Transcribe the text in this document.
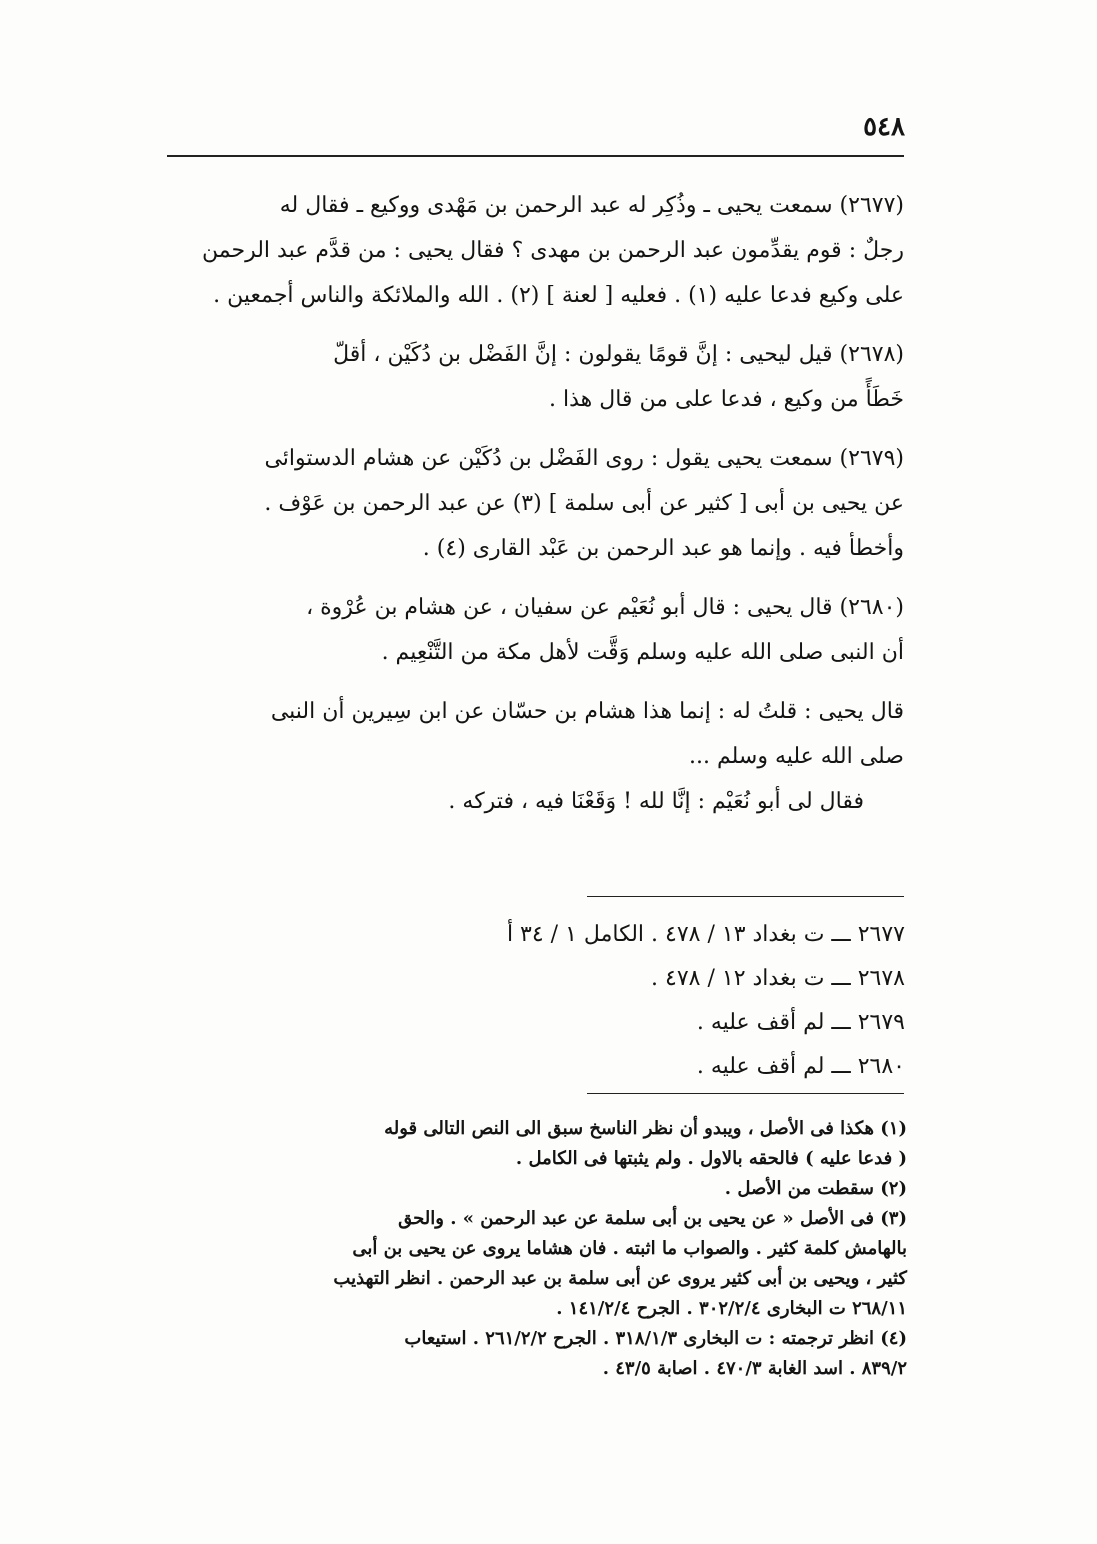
٥٤٨
(٢٦٧٧) سمعت يحيى ـ وذُكِر له عبد الرحمن بن مَهْدى ووكيع ـ فقال له
رجلٌ : قوم يقدِّمون عبد الرحمن بن مهدى ؟ فقال يحيى : من قدَّم عبد الرحمن
على وكيع فدعا عليه (١) . فعليه [ لعنة ] (٢) . الله والملائكة والناس أجمعين .
(٢٦٧٨) قيل ليحيى : إنَّ قومًا يقولون : إنَّ الفَضْل بن دُكَيْن ، أقلّ
خَطَأً من وكيع ، فدعا على من قال هذا .
(٢٦٧٩) سمعت يحيى يقول : روى الفَضْل بن دُكَيْن عن هشام الدستوائى
عن يحيى بن أبى [ كثير عن أبى سلمة ] (٣) عن عبد الرحمن بن عَوْف .
وأخطأ فيه . وإنما هو عبد الرحمن بن عَبْد القارى (٤) .
(٢٦٨٠) قال يحيى : قال أبو نُعَيْم عن سفيان ، عن هشام بن عُرْوة ،
أن النبى صلى الله عليه وسلم وَقَّت لأهل مكة من التَّنْعِيم .
قال يحيى : قلتُ له : إنما هذا هشام بن حسّان عن ابن سِيرين أن النبى
صلى الله عليه وسلم ...
فقال لى أبو نُعَيْم : إنَّا لله ! وَقَعْنَا فيه ، فتركه .
٢٦٧٧ ـــ ت بغداد ١٣ / ٤٧٨ . الكامل ١ / ٣٤ أ
٢٦٧٨ ـــ ت بغداد ١٢ / ٤٧٨ .
٢٦٧٩ ـــ لم أقف عليه .
٢٦٨٠ ـــ لم أقف عليه .
(١) هكذا فى الأصل ، ويبدو أن نظر الناسخ سبق الى النص التالى قوله
( فدعا عليه ) فالحقه بالاول . ولم يثبتها فى الكامل .
(٢) سقطت من الأصل .
(٣) فى الأصل « عن يحيى بن أبى سلمة عن عبد الرحمن » . والحق
بالهامش كلمة كثير . والصواب ما اثبته . فان هشاما يروى عن يحيى بن أبى
كثير ، ويحيى بن أبى كثير يروى عن أبى سلمة بن عبد الرحمن . انظر التهذيب
٢٦٨/١١ ت البخارى ٣٠٢/٢/٤ . الجرح ١٤١/٢/٤ .
(٤) انظر ترجمته : ت البخارى ٣١٨/١/٣ . الجرح ٢٦١/٢/٢ . استيعاب
٨٣٩/٢ . اسد الغابة ٤٧٠/٣ . اصابة ٤٣/٥ .
